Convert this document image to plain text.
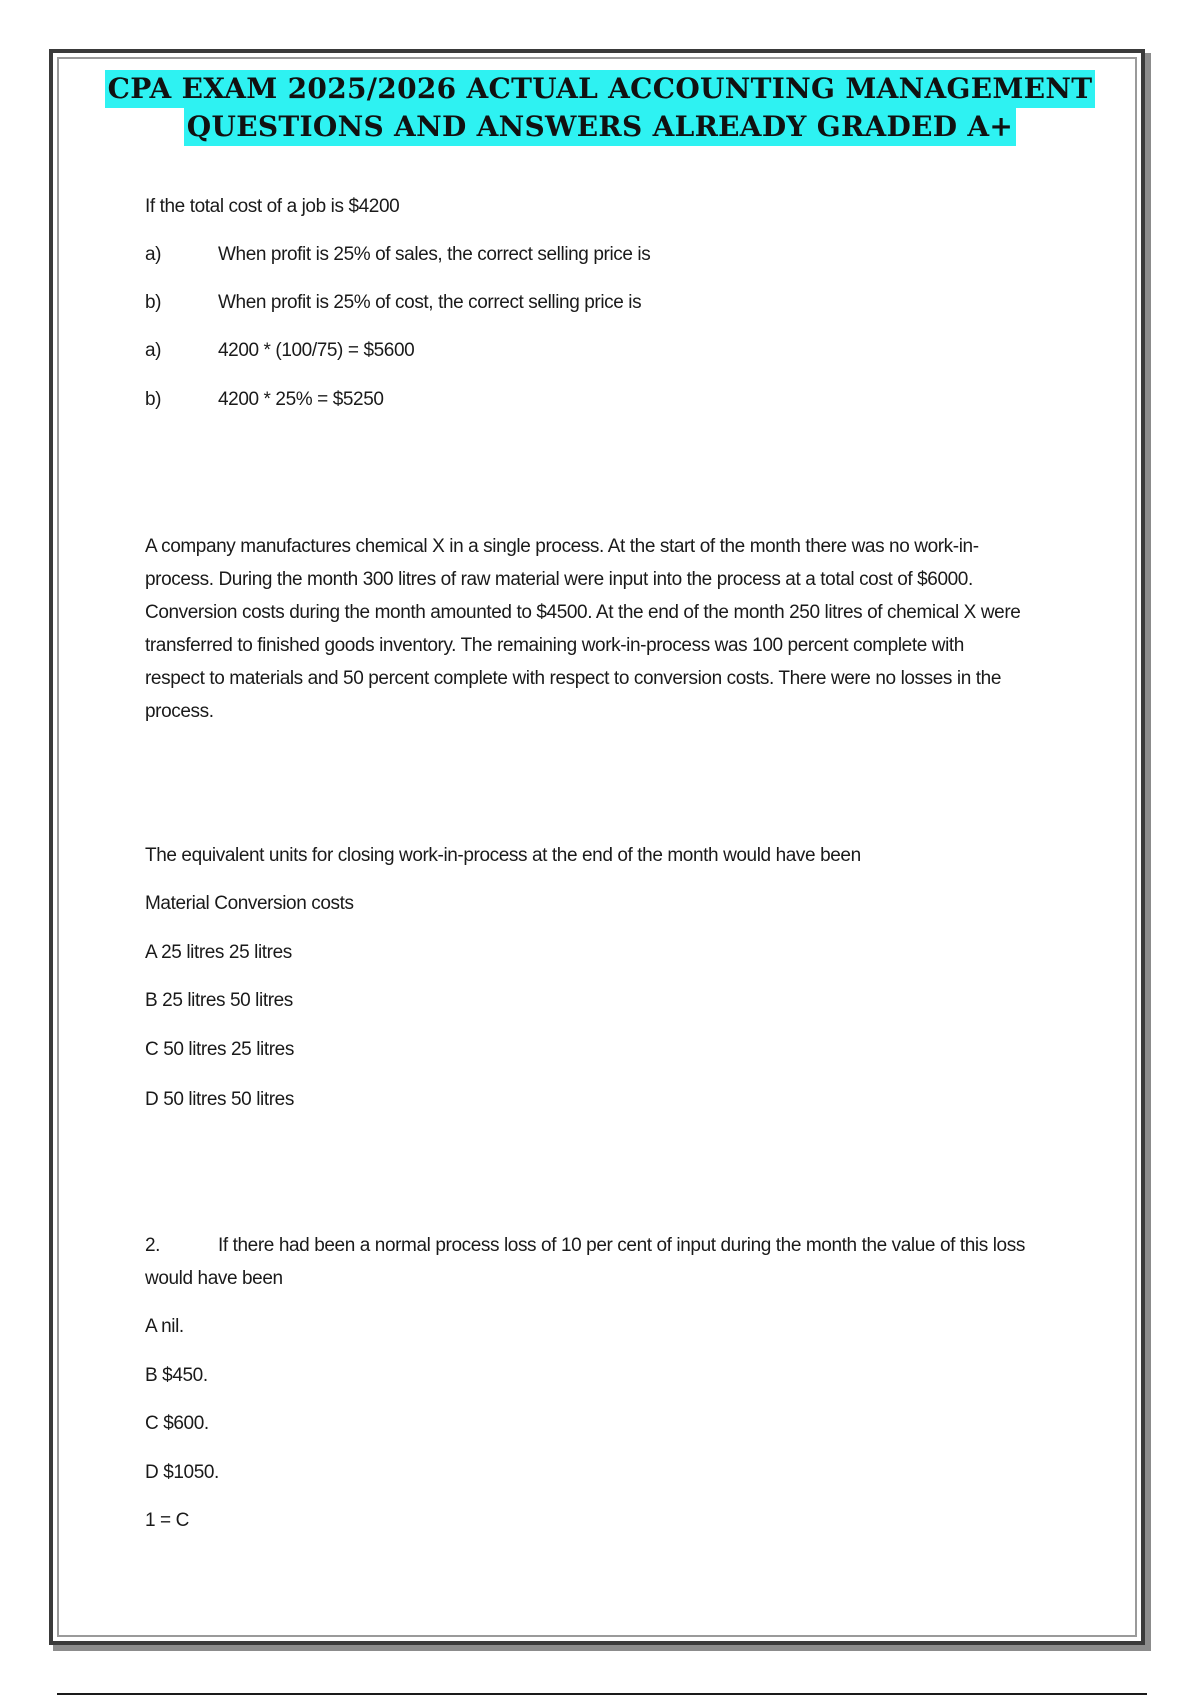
CPA EXAM 2025/2026 ACTUAL ACCOUNTING MANAGEMENT
QUESTIONS AND ANSWERS ALREADY GRADED A+
If the total cost of a job is $4200
a)	When profit is 25% of sales, the correct selling price is
b)	When profit is 25% of cost, the correct selling price is
a)	4200 * (100/75) = $5600
b)	4200 * 25% = $5250
A company manufactures chemical X in a single process. At the start of the month there was no work-in-
process. During the month 300 litres of raw material were input into the process at a total cost of $6000.
Conversion costs during the month amounted to $4500. At the end of the month 250 litres of chemical X were
transferred to finished goods inventory. The remaining work-in-process was 100 percent complete with
respect to materials and 50 percent complete with respect to conversion costs. There were no losses in the
process.
The equivalent units for closing work-in-process at the end of the month would have been
Material Conversion costs
A 25 litres 25 litres
B 25 litres 50 litres
C 50 litres 25 litres
D 50 litres 50 litres
2.	If there had been a normal process loss of 10 per cent of input during the month the value of this loss
would have been
A nil.
B $450.
C $600.
D $1050.
1 = C
